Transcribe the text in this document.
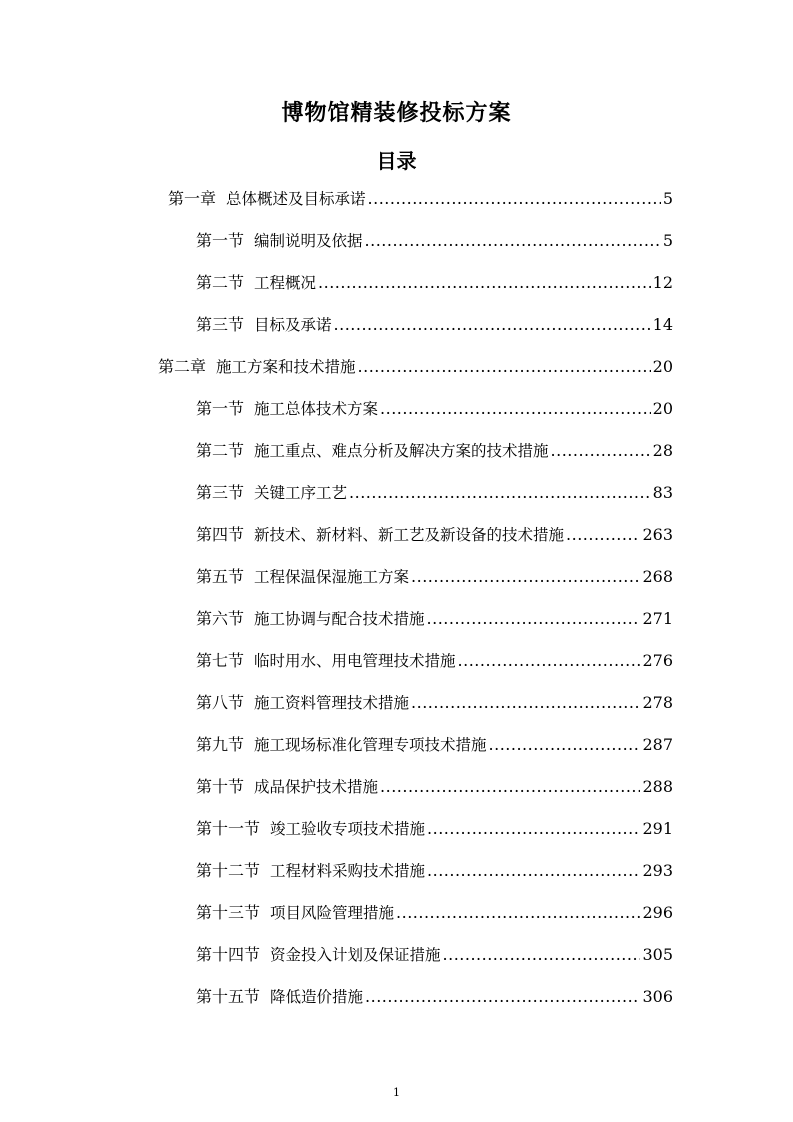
博物馆精装修投标方案
目录
第一章 总体概述及目标承诺 .....	5
第一节 编制说明及依据 .....	5
第二节 工程概况 .....	12
第三节 目标及承诺 .....	14
第二章 施工方案和技术措施 .....	20
第一节 施工总体技术方案 .....	20
第二节 施工重点、难点分析及解决方案的技术措施 .....	28
第三节 关键工序工艺 .....	83
第四节 新技术、新材料、新工艺及新设备的技术措施 .....	263
第五节 工程保温保湿施工方案 .....	268
第六节 施工协调与配合技术措施 .....	271
第七节 临时用水、用电管理技术措施 .....	276
第八节 施工资料管理技术措施 .....	278
第九节 施工现场标准化管理专项技术措施 .....	287
第十节 成品保护技术措施 .....	288
第十一节 竣工验收专项技术措施 .....	291
第十二节 工程材料采购技术措施 .....	293
第十三节 项目风险管理措施 .....	296
第十四节 资金投入计划及保证措施 .....	305
第十五节 降低造价措施 .....	306
1
